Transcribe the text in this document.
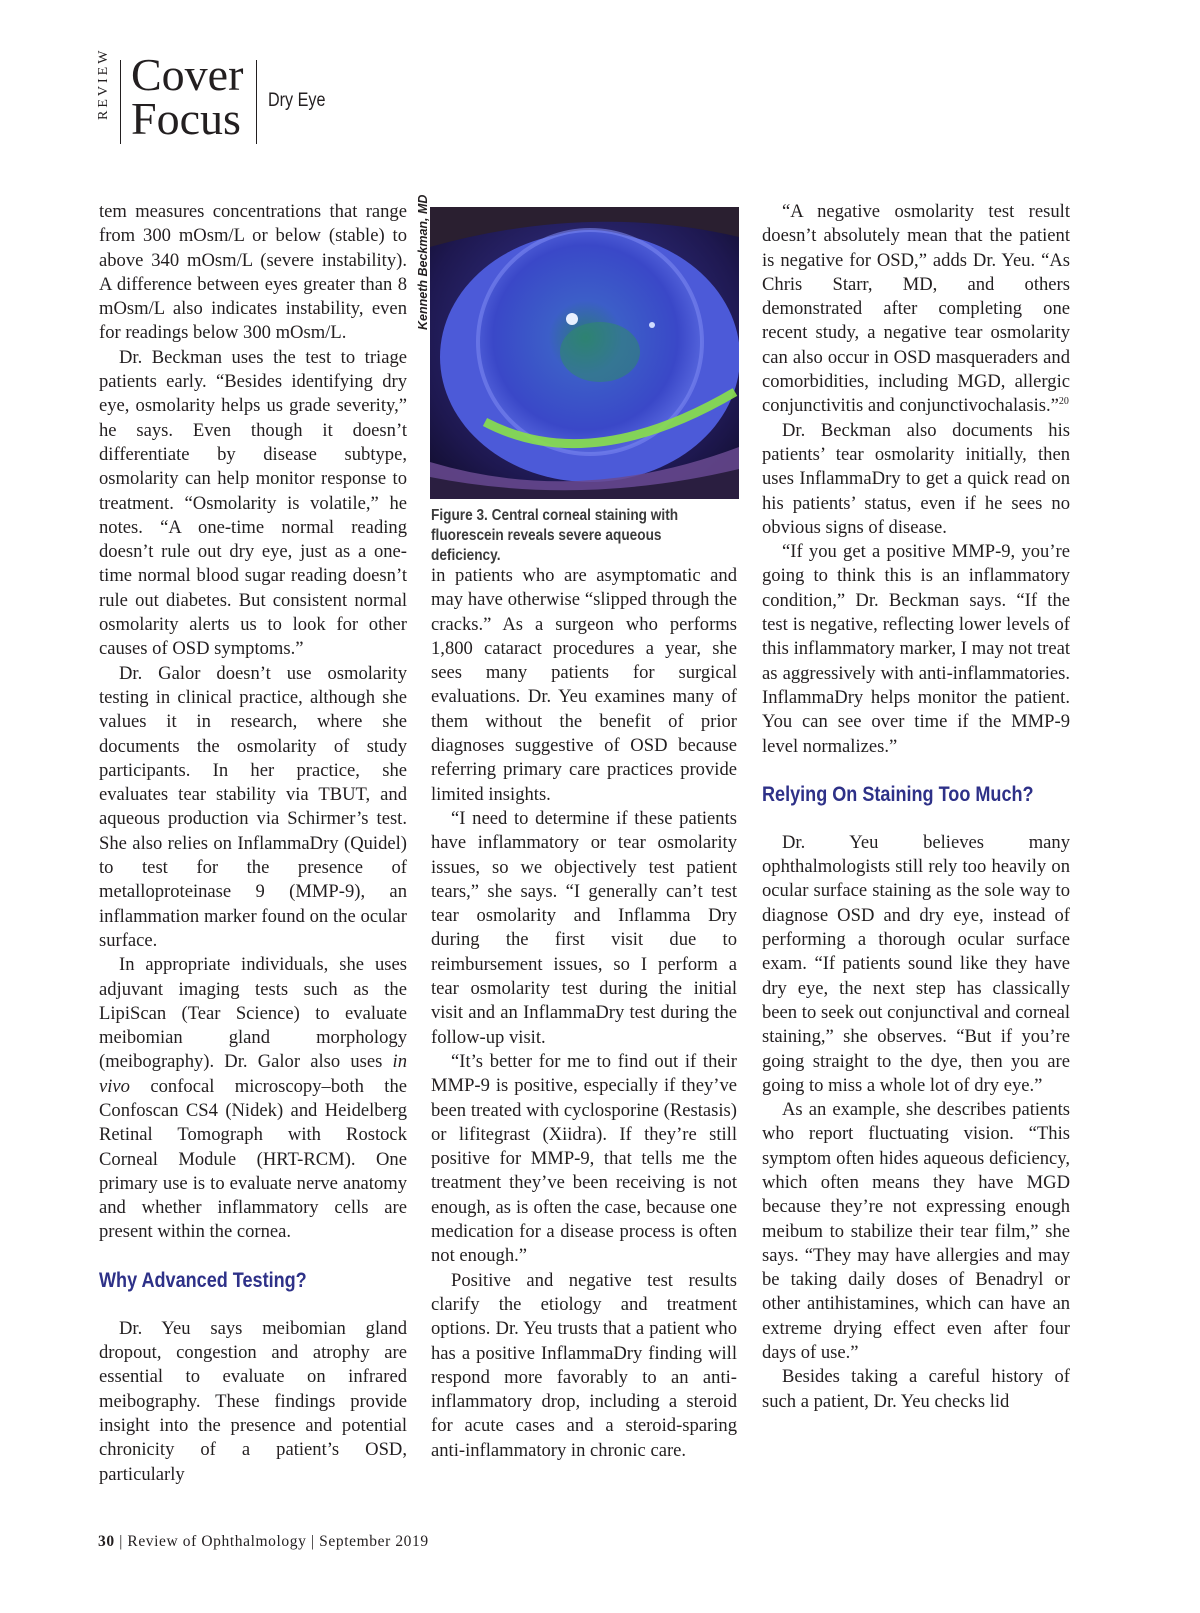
REVIEW Cover
Focus Dry Eye

tem measures concentrations that range from 300 mOsm/L or below (stable) to above 340 mOsm/L (severe instability). A difference between eyes greater than 8 mOsm/L also indicates instability, even for readings below 300 mOsm/L.

Dr. Beckman uses the test to triage patients early. “Besides identifying dry eye, osmolarity helps us grade severity,” he says. Even though it doesn’t differentiate by disease subtype, osmolarity can help monitor response to treatment. “Osmolarity is volatile,” he notes. “A one-time normal reading doesn’t rule out dry eye, just as a one-time normal blood sugar reading doesn’t rule out diabetes. But consistent normal osmolarity alerts us to look for other causes of OSD symptoms.”

Dr. Galor doesn’t use osmolarity testing in clinical practice, although she values it in research, where she documents the osmolarity of study participants. In her practice, she evaluates tear stability via TBUT, and aqueous production via Schirmer’s test. She also relies on InflammaDry (Quidel) to test for the presence of metalloproteinase 9 (MMP-9), an inflammation marker found on the ocular surface.

In appropriate individuals, she uses adjuvant imaging tests such as the LipiScan (Tear Science) to evaluate meibomian gland morphology (meibography). Dr. Galor also uses in vivo confocal microscopy–both the Confoscan CS4 (Nidek) and Heidelberg Retinal Tomograph with Rostock Corneal Module (HRT-RCM). One primary use is to evaluate nerve anatomy and whether inflammatory cells are present within the cornea.

Why Advanced Testing?

Dr. Yeu says meibomian gland dropout, congestion and atrophy are essential to evaluate on infrared meibography. These findings provide insight into the presence and potential chronicity of a patient’s OSD, particularly

Kenneth Beckman, MD
Figure 3. Central corneal staining with fluorescein reveals severe aqueous deficiency.

in patients who are asymptomatic and may have otherwise “slipped through the cracks.” As a surgeon who performs 1,800 cataract procedures a year, she sees many patients for surgical evaluations. Dr. Yeu examines many of them without the benefit of prior diagnoses suggestive of OSD because referring primary care practices provide limited insights.

“I need to determine if these patients have inflammatory or tear osmolarity issues, so we objectively test patient tears,” she says. “I generally can’t test tear osmolarity and Inflamma Dry during the first visit due to reimbursement issues, so I perform a tear osmolarity test during the initial visit and an InflammaDry test during the follow-up visit.

“It’s better for me to find out if their MMP-9 is positive, especially if they’ve been treated with cyclosporine (Restasis) or lifitegrast (Xiidra). If they’re still positive for MMP-9, that tells me the treatment they’ve been receiving is not enough, as is often the case, because one medication for a disease process is often not enough.”

Positive and negative test results clarify the etiology and treatment options. Dr. Yeu trusts that a patient who has a positive InflammaDry finding will respond more favorably to an anti-inflammatory drop, including a steroid for acute cases and a steroid-sparing anti-inflammatory in chronic care.

“A negative osmolarity test result doesn’t absolutely mean that the patient is negative for OSD,” adds Dr. Yeu. “As Chris Starr, MD, and others demonstrated after completing one recent study, a negative tear osmolarity can also occur in OSD masqueraders and comorbidities, including MGD, allergic conjunctivitis and conjunctivochalasis.”$^{20}$

Dr. Beckman also documents his patients’ tear osmolarity initially, then uses InflammaDry to get a quick read on his patients’ status, even if he sees no obvious signs of disease.

“If you get a positive MMP-9, you’re going to think this is an inflammatory condition,” Dr. Beckman says. “If the test is negative, reflecting lower levels of this inflammatory marker, I may not treat as aggressively with anti-inflammatories. InflammaDry helps monitor the patient. You can see over time if the MMP-9 level normalizes.”

Relying On Staining Too Much?

Dr. Yeu believes many ophthalmologists still rely too heavily on ocular surface staining as the sole way to diagnose OSD and dry eye, instead of performing a thorough ocular surface exam. “If patients sound like they have dry eye, the next step has classically been to seek out conjunctival and corneal staining,” she observes. “But if you’re going straight to the dye, then you are going to miss a whole lot of dry eye.”

As an example, she describes patients who report fluctuating vision. “This symptom often hides aqueous deficiency, which often means they have MGD because they’re not expressing enough meibum to stabilize their tear film,” she says. “They may have allergies and may be taking daily doses of Benadryl or other antihistamines, which can have an extreme drying effect even after four days of use.”

Besides taking a careful history of such a patient, Dr. Yeu checks lid

30 | Review of Ophthalmology | September 2019
